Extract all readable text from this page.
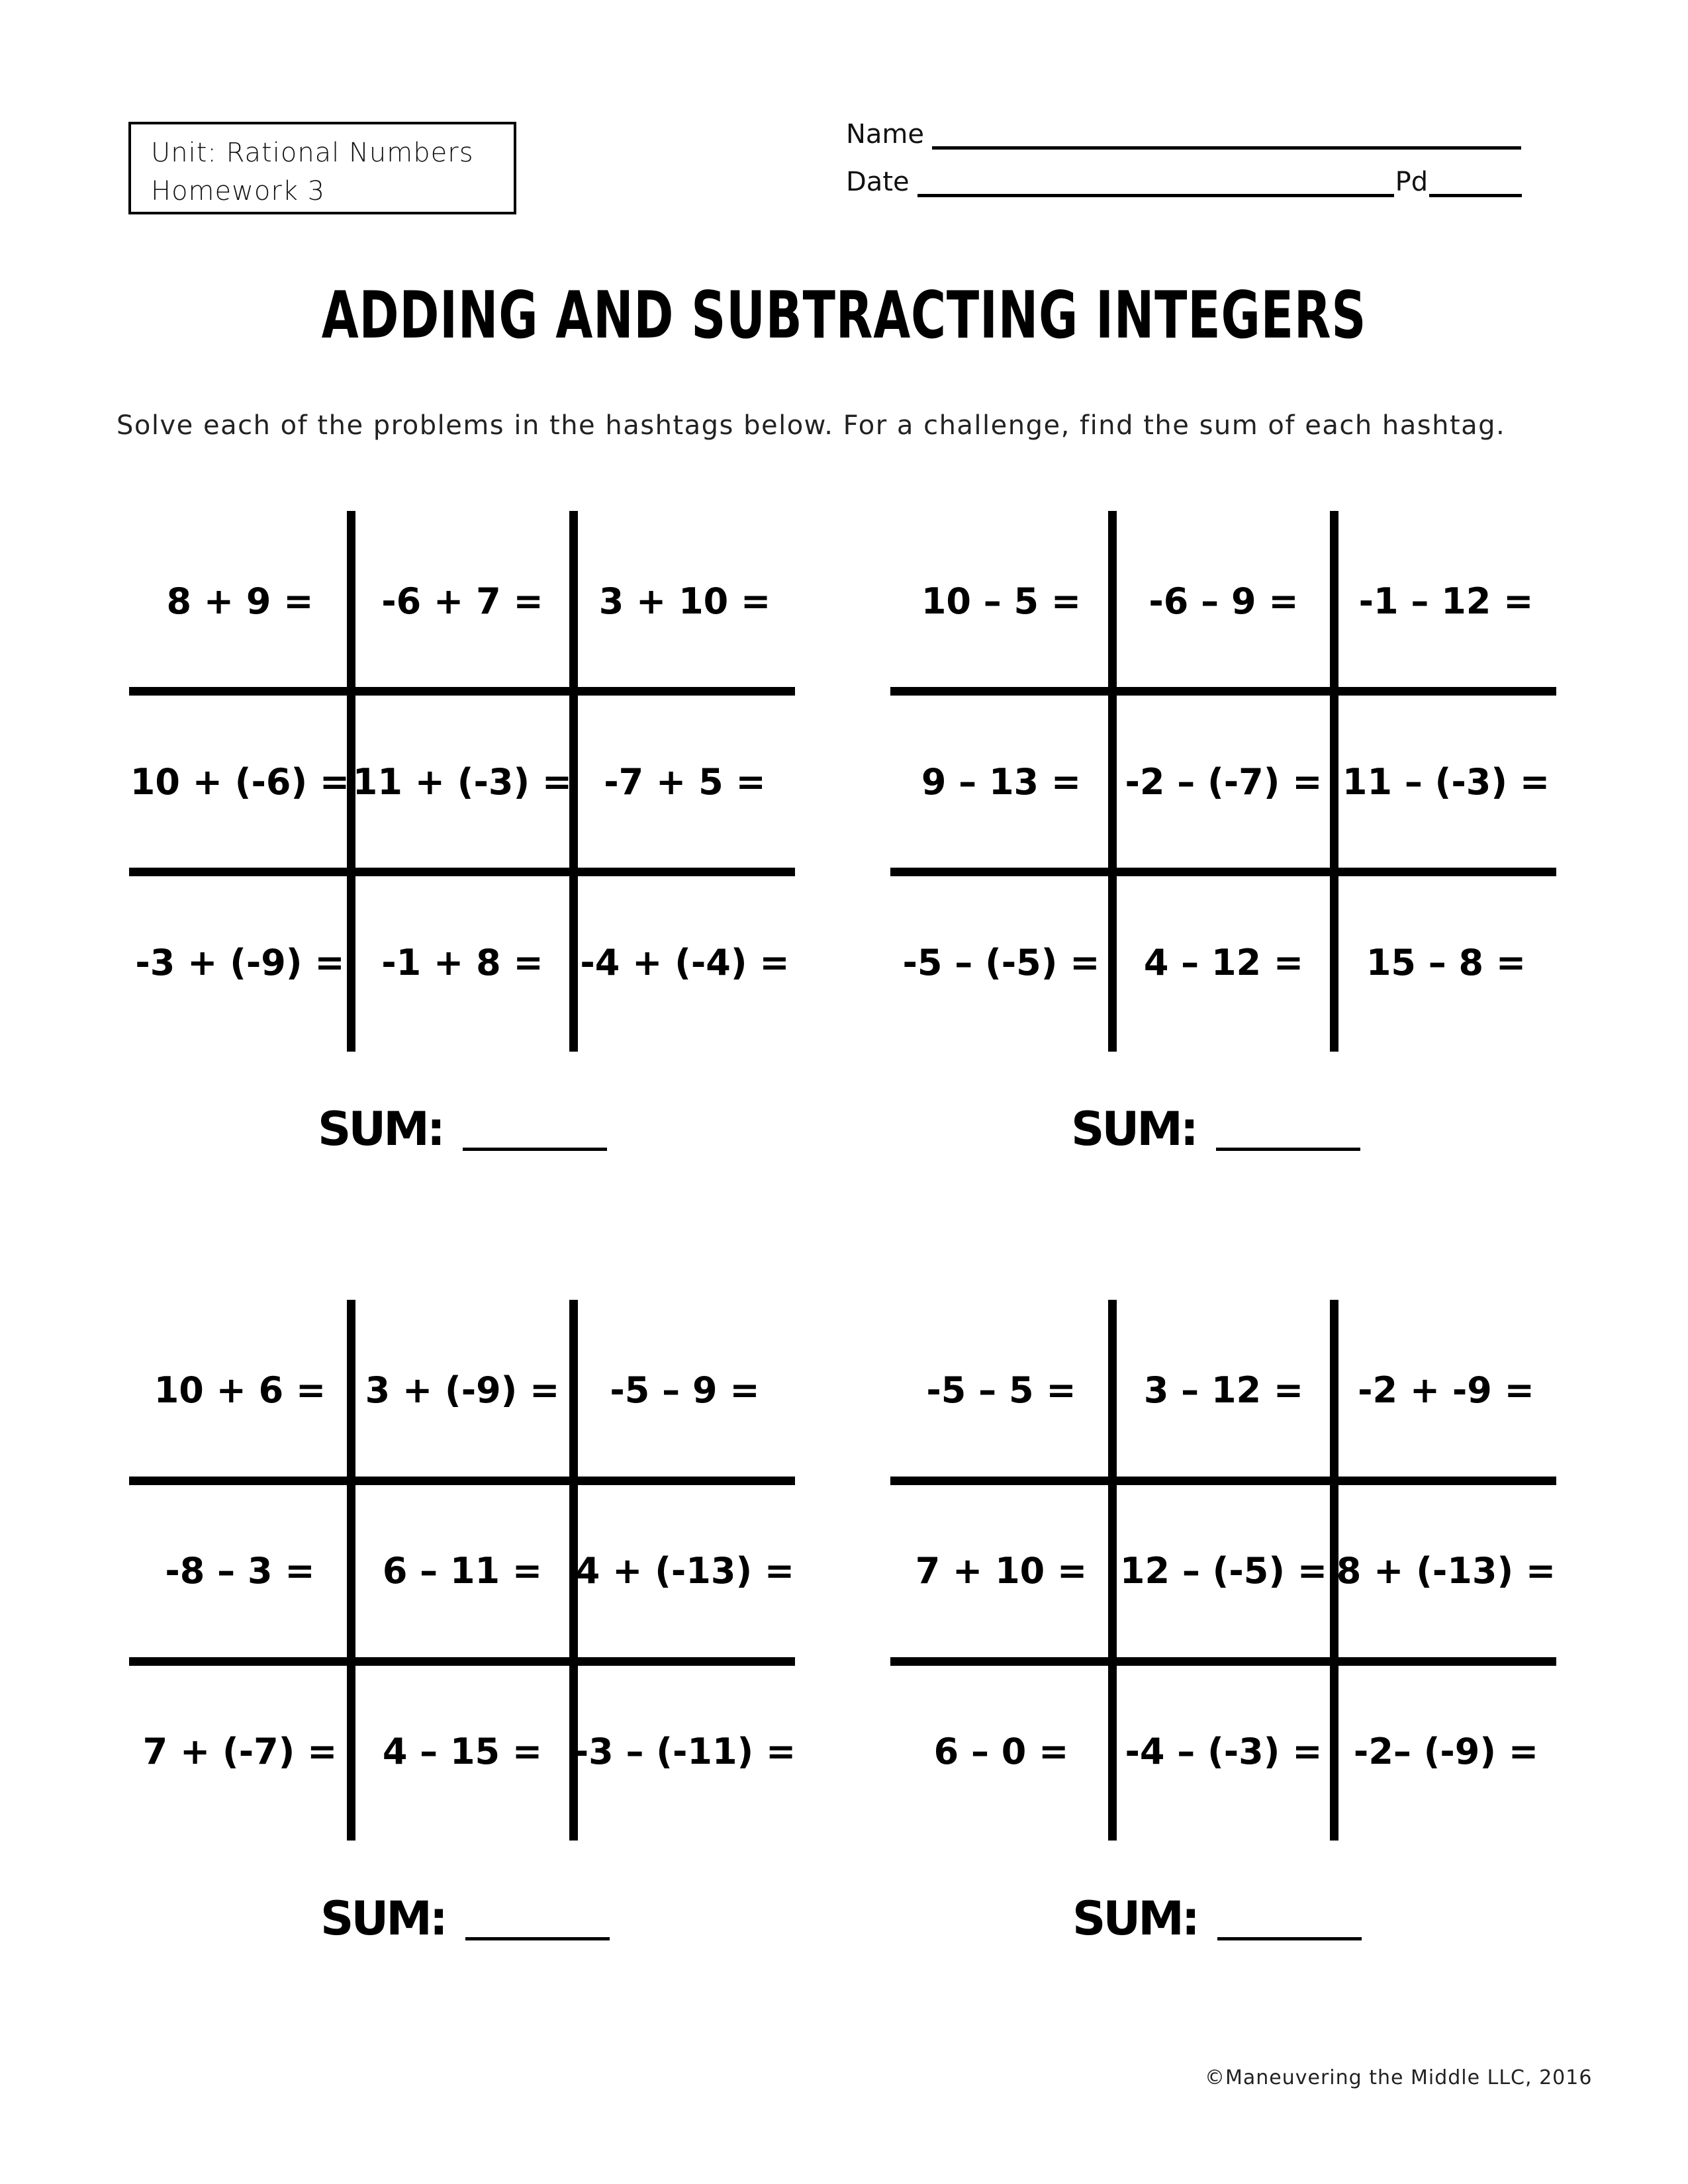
Unit: Rational Numbers
Homework 3
Name
Date	Pd
ADDING AND SUBTRACTING INTEGERS
Solve each of the problems in the hashtags below. For a challenge, find the sum of each hashtag.
8 + 9 =	-6 + 7 =	3 + 10 =
10 + (-6) = 11 + (-3) = -7 + 5 =
-3 + (-9) =	-1 + 8 =	-4 + (-4) =
SUM:
10 – 5 =	-6 – 9 =	-1 – 12 =
9 – 13 =	-2 – (-7) = 11 – (-3) =
-5 – (-5) =	4 – 12 =	15 – 8 =
SUM:
10 + 6 =	3 + (-9) =	-5 – 9 =
-8 – 3 =	6 – 11 = 4 + (-13) =
7 + (-7) =	4 – 15 = -3 – (-11) =
SUM:
-5 – 5 =	3 – 12 =	-2 + -9 =
7 + 10 = 12 – (-5) = 8 + (-13) =
6 – 0 =	-4 – (-3) = -2– (-9) =
SUM:
©Maneuvering the Middle LLC, 2016
